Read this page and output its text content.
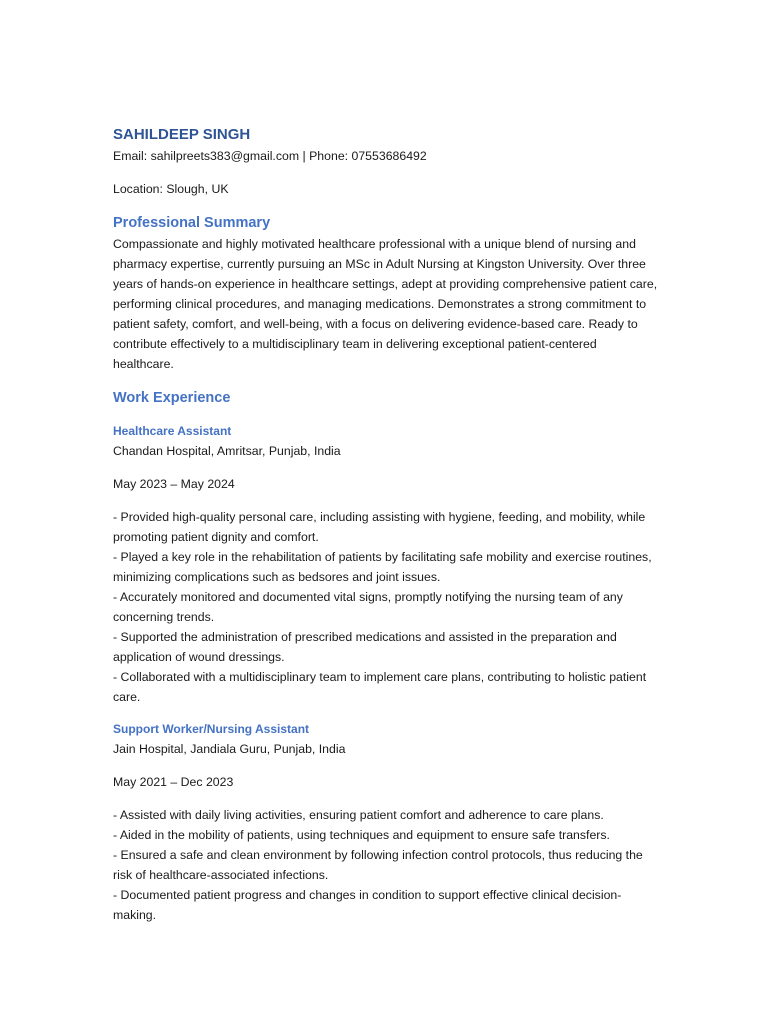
SAHILDEEP SINGH

Email: sahilpreets383@gmail.com | Phone: 07553686492

Location: Slough, UK

Professional Summary

Compassionate and highly motivated healthcare professional with a unique blend of nursing and pharmacy expertise, currently pursuing an MSc in Adult Nursing at Kingston University. Over three years of hands-on experience in healthcare settings, adept at providing comprehensive patient care, performing clinical procedures, and managing medications. Demonstrates a strong commitment to patient safety, comfort, and well-being, with a focus on delivering evidence-based care. Ready to contribute effectively to a multidisciplinary team in delivering exceptional patient-centered healthcare.

Work Experience
Healthcare Assistant

Chandan Hospital, Amritsar, Punjab, India

May 2023 – May 2024

- Provided high-quality personal care, including assisting with hygiene, feeding, and mobility, while promoting patient dignity and comfort.

- Played a key role in the rehabilitation of patients by facilitating safe mobility and exercise routines, minimizing complications such as bedsores and joint issues.

- Accurately monitored and documented vital signs, promptly notifying the nursing team of any concerning trends.

- Supported the administration of prescribed medications and assisted in the preparation and application of wound dressings.

- Collaborated with a multidisciplinary team to implement care plans, contributing to holistic patient care.

Support Worker/Nursing Assistant

Jain Hospital, Jandiala Guru, Punjab, India

May 2021 – Dec 2023

- Assisted with daily living activities, ensuring patient comfort and adherence to care plans.

- Aided in the mobility of patients, using techniques and equipment to ensure safe transfers.

- Ensured a safe and clean environment by following infection control protocols, thus reducing the risk of healthcare-associated infections.

- Documented patient progress and changes in condition to support effective clinical decision-making.
